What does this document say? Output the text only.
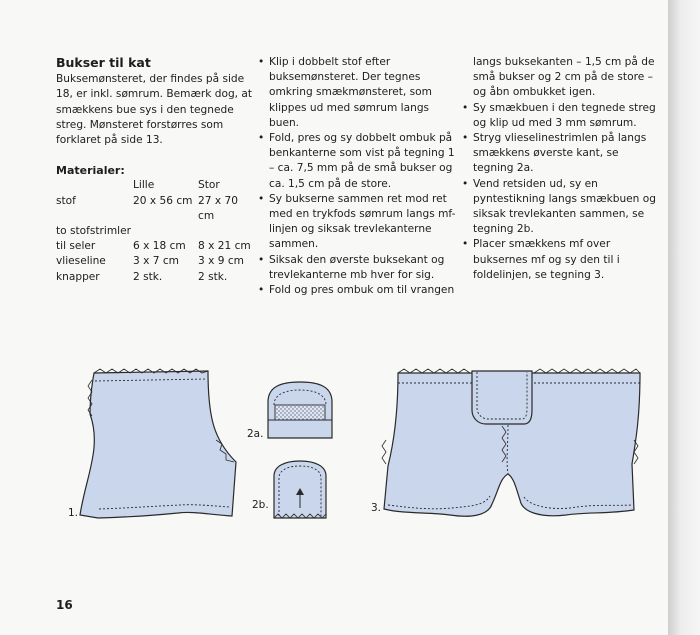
Bukser til kat

Buksemønsteret, der findes på side 18, er inkl. sømrum. Bemærk dog, at smækkens bue sys i den tegnede streg. Mønsteret forstørres som forklaret på side 13.

Materialer:
	Lille	Stor
stof	20 x 56 cm	27 x 70 cm
to stofstrimler		
til seler	6 x 18 cm	8 x 21 cm
vlieseline	3 x 7 cm	3 x 9 cm
knapper	2 stk.	2 stk.
• Klip i dobbelt stof efter buksemønsteret. Der tegnes omkring smækmønsteret, som klippes ud med sømrum langs buen.
• Fold, pres og sy dobbelt ombuk på benkanterne som vist på tegning 1 – ca. 7,5 mm på de små bukser og ca. 1,5 cm på de store.
• Sy bukserne sammen ret mod ret med en trykfods sømrum langs mf-linjen og siksak trevlekanterne sammen.
• Siksak den øverste buksekant og trevlekanterne mb hver for sig.
• Fold og pres ombuk om til vrangen

langs buksekanten – 1,5 cm på de små bukser og 2 cm på de store – og åbn ombukket igen.

• Sy smækbuen i den tegnede streg og klip ud med 3 mm sømrum.
• Stryg vlieselinestrimlen på langs smækkens øverste kant, se tegning 2a.
• Vend retsiden ud, sy en pyntestikning langs smækbuen og siksak trevlekanten sammen, se tegning 2b.
• Placer smækkens mf over buksernes mf og sy den til i foldelinjen, se tegning 3.
1.
2a.
2b.	3.
16
